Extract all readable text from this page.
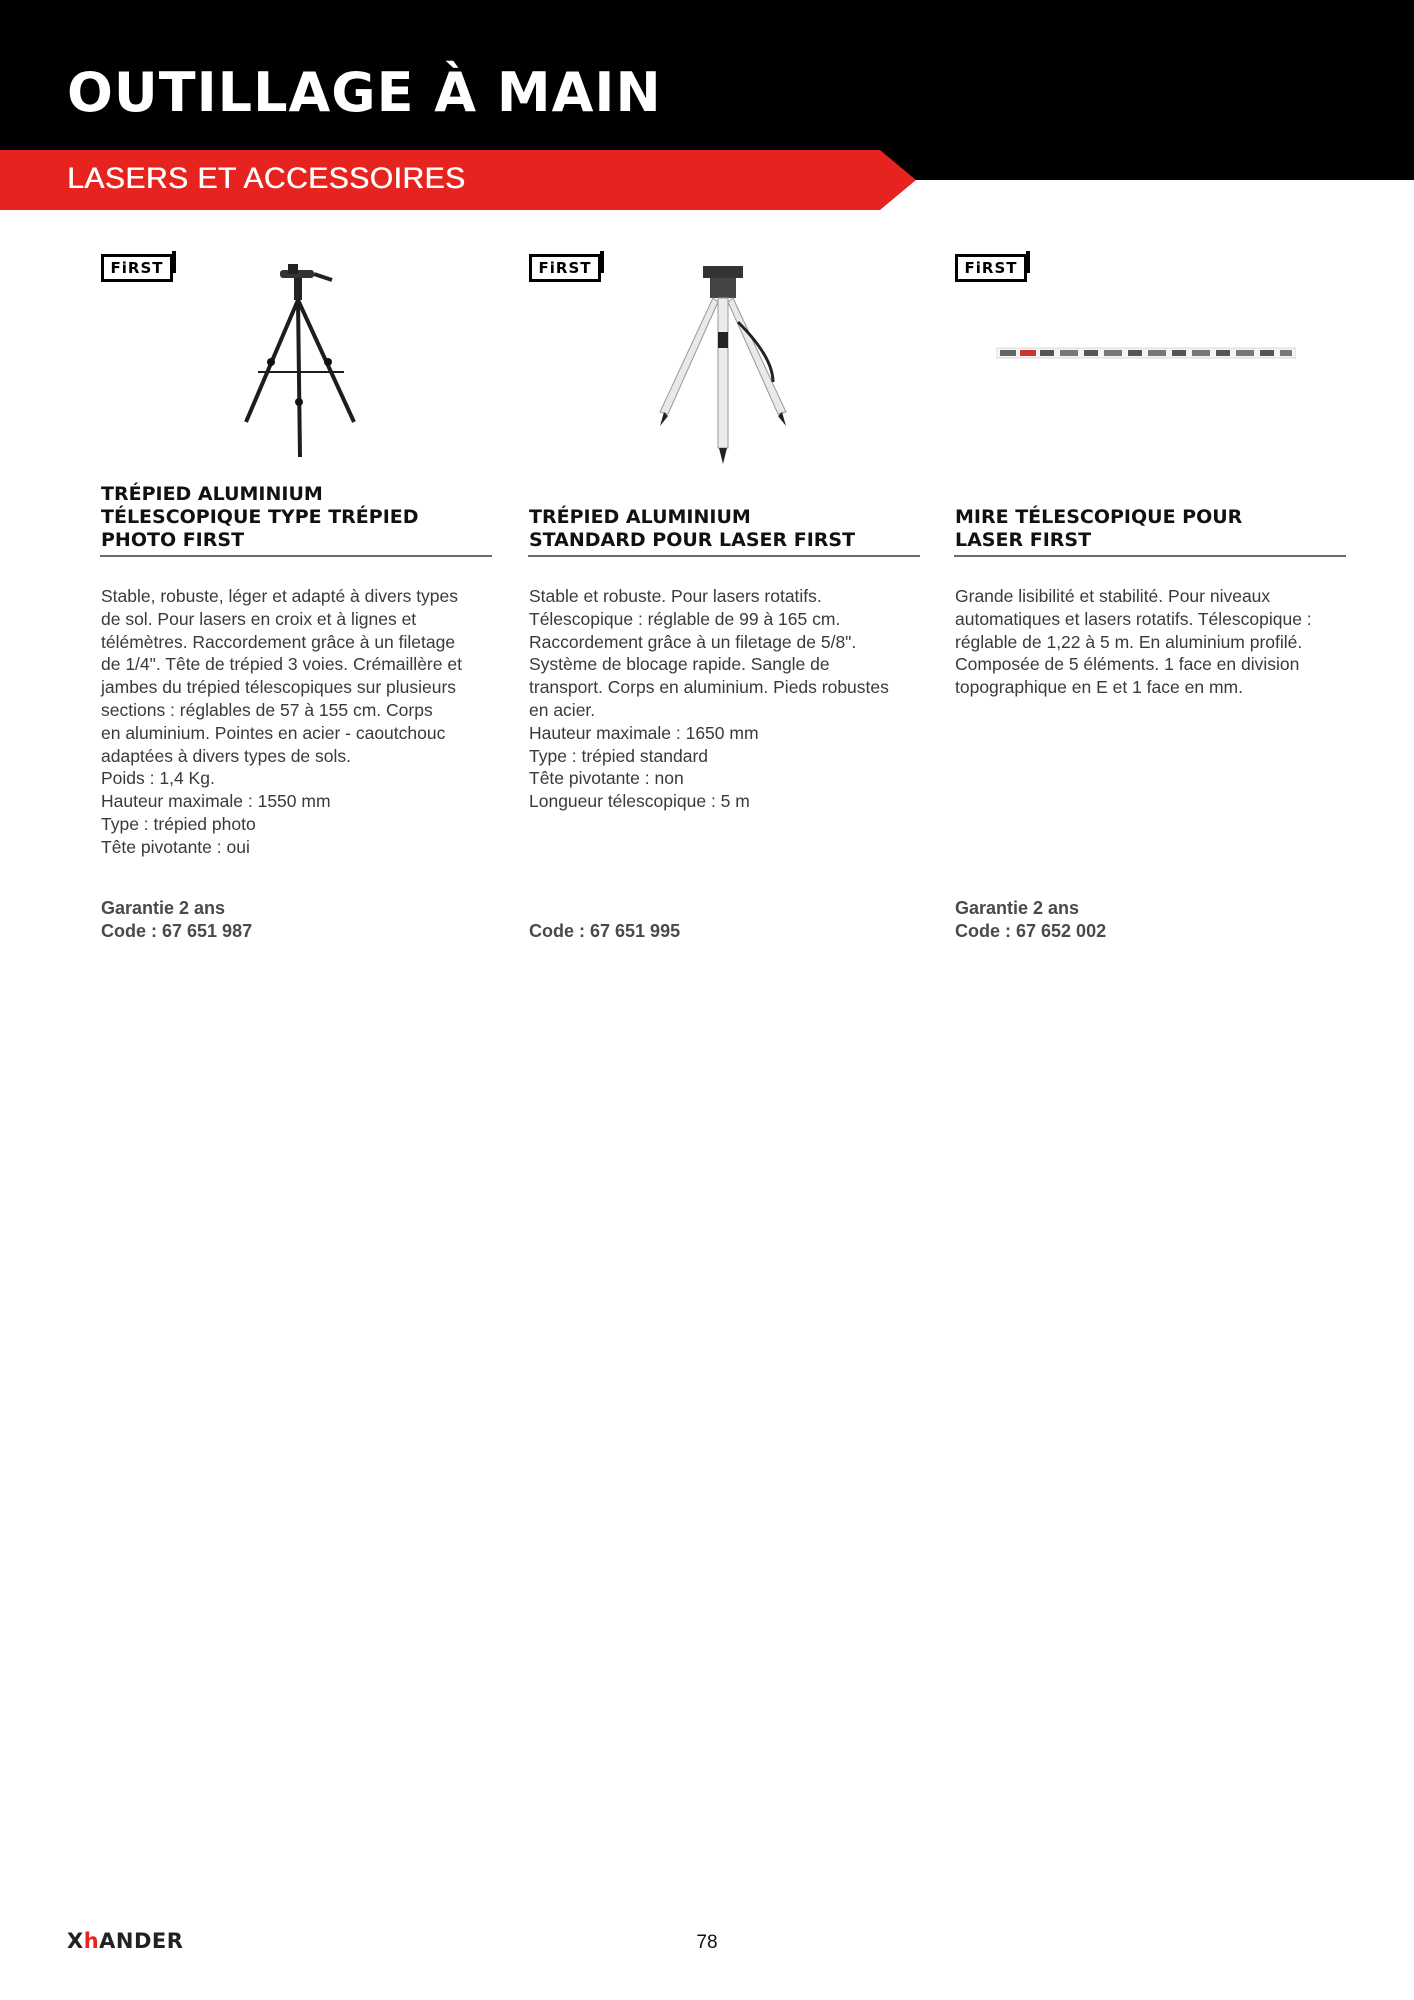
OUTILLAGE À MAIN
LASERS ET ACCESSOIRES
FiRST
TRÉPIED ALUMINIUM
TÉLESCOPIQUE TYPE TRÉPIED
PHOTO FIRST
Stable, robuste, léger et adapté à divers types
de sol. Pour lasers en croix et à lignes et
télémètres. Raccordement grâce à un filetage
de 1/4". Tête de trépied 3 voies. Crémaillère et
jambes du trépied télescopiques sur plusieurs
sections : réglables de 57 à 155 cm. Corps
en aluminium. Pointes en acier - caoutchouc
adaptées à divers types de sols.
Poids : 1,4 Kg.
Hauteur maximale : 1550 mm
Type : trépied photo
Tête pivotante : oui
Garantie 2 ans
Code : 67 651 987
FiRST
TRÉPIED ALUMINIUM
STANDARD POUR LASER FIRST
Stable et robuste. Pour lasers rotatifs.
Télescopique : réglable de 99 à 165 cm.
Raccordement grâce à un filetage de 5/8".
Système de blocage rapide. Sangle de
transport. Corps en aluminium. Pieds robustes
en acier.
Hauteur maximale : 1650 mm
Type : trépied standard
Tête pivotante : non
Longueur télescopique : 5 m
Code : 67 651 995
FiRST
MIRE TÉLESCOPIQUE POUR
LASER FIRST
Grande lisibilité et stabilité. Pour niveaux
automatiques et lasers rotatifs. Télescopique :
réglable de 1,22 à 5 m. En aluminium profilé.
Composée de 5 éléments. 1 face en division
topographique en E et 1 face en mm.
Garantie 2 ans
Code : 67 652 002
XhANDER	78
